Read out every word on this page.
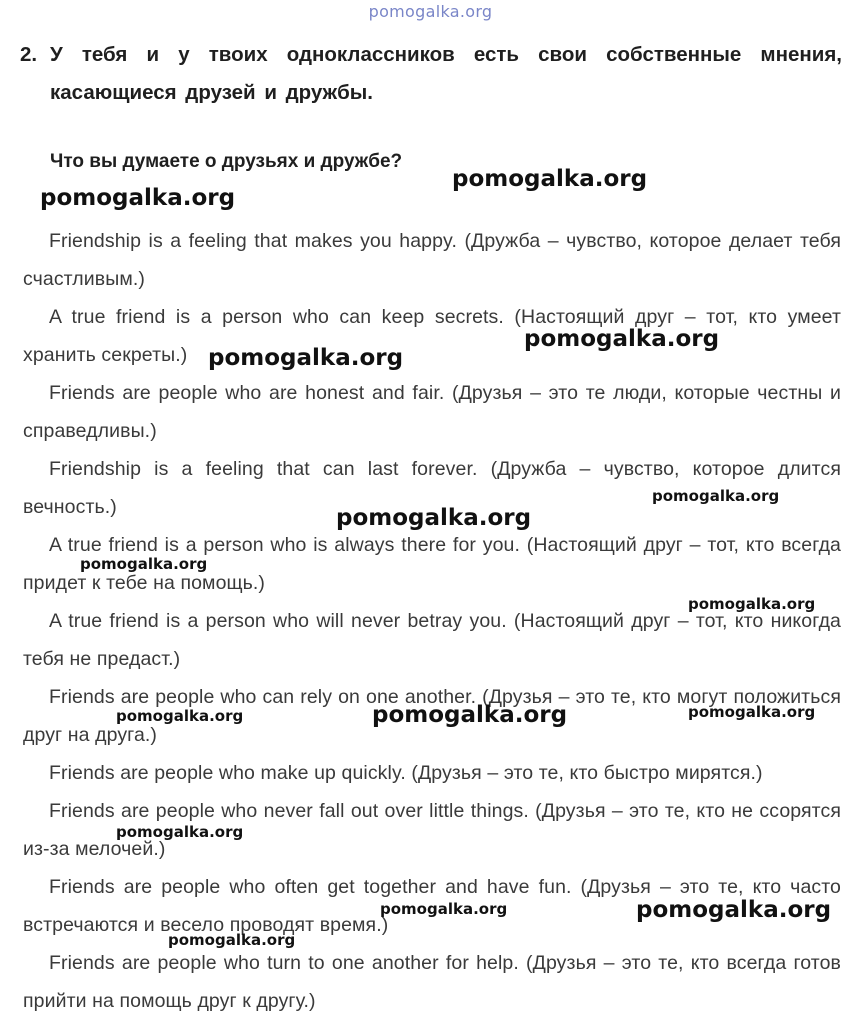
pomogalka.org
2. У тебя и у твоих одноклассников есть свои собственные мнения, касающиеся друзей и дружбы.
Что вы думаете о друзьях и дружбе?

Friendship is a feeling that makes you happy. (Дружба – чувство, которое делает тебя счастливым.)

A true friend is a person who can keep secrets. (Настоящий друг – тот, кто умеет хранить секреты.)

Friends are people who are honest and fair. (Друзья – это те люди, которые честны и справедливы.)

Friendship is a feeling that can last forever. (Дружба – чувство, которое длится вечность.)

A true friend is a person who is always there for you. (Настоящий друг – тот, кто всегда придет к тебе на помощь.)

A true friend is a person who will never betray you. (Настоящий друг – тот, кто никогда тебя не предаст.)

Friends are people who can rely on one another. (Друзья – это те, кто могут положиться друг на друга.)

Friends are people who make up quickly. (Друзья – это те, кто быстро мирятся.)

Friends are people who never fall out over little things. (Друзья – это те, кто не ссорятся из-за мелочей.)

Friends are people who often get together and have fun. (Друзья – это те, кто часто встречаются и весело проводят время.)

Friends are people who turn to one another for help. (Друзья – это те, кто всегда готов прийти на помощь друг к другу.)

pomogalka.org
pomogalka.org
pomogalka.org
pomogalka.org
pomogalka.org
pomogalka.org
pomogalka.org
pomogalka.org
pomogalka.org	pomogalka.org	pomogalka.org
pomogalka.org
pomogalka.org	pomogalka.org
pomogalka.org
